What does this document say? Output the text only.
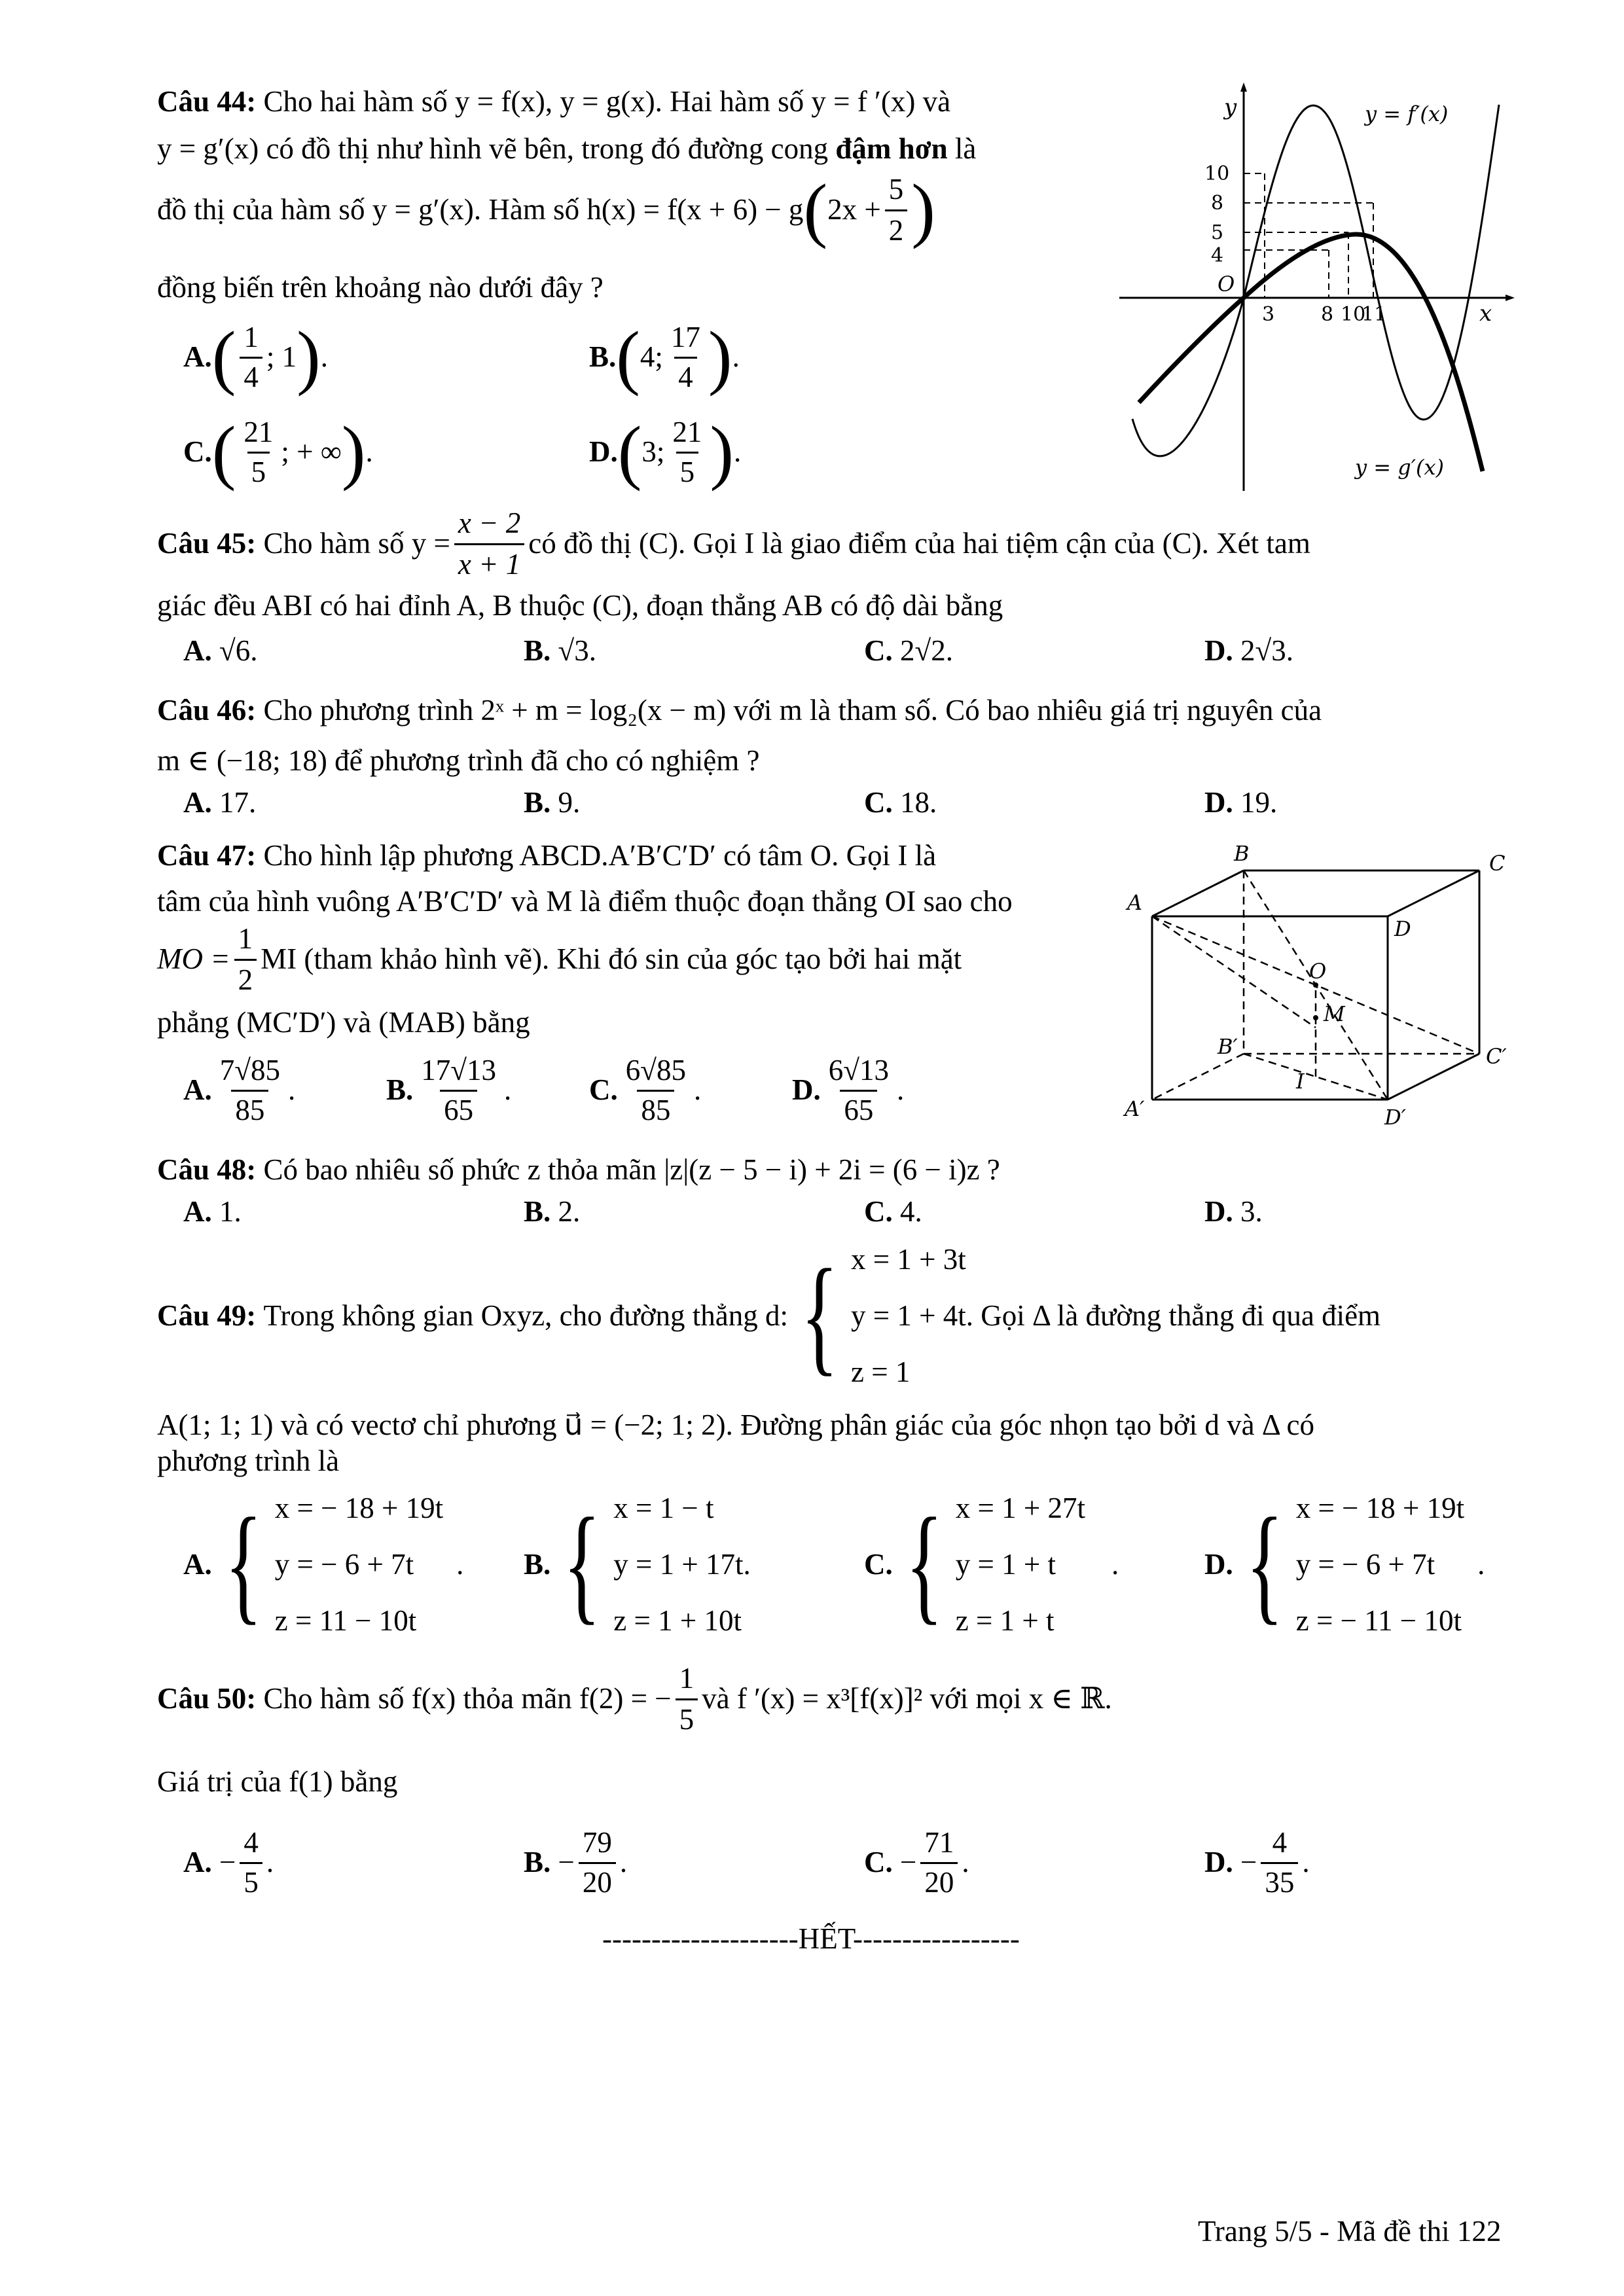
Câu 44: Cho hai hàm số y = f(x), y = g(x). Hai hàm số y = f ′(x) và
y = g′(x) có đồ thị như hình vẽ bên, trong đó đường cong đậm hơn là
đồ thị của hàm số y = g′(x). Hàm số h(x) = f(x + 6) − g ( $2x + \frac{5}{2}$ )
đồng biến trên khoảng nào dưới đây ?
A. ( $\frac{1}{4}$ ; 1 ) .	B. ( 4; $\frac{17}{4}$ ) .
C. ( $\frac{21}{5}$ ; + ∞ ) .	D. ( 3; $\frac{21}{5}$ ) .
y
x
O
10
8
5
4
3 8 10
11
y = f′(x)
y = g′(x)
Câu 45:
Cho hàm số $y = \frac{x - 2}{x + 1}$ có đồ thị (C). Gọi I là giao điểm của hai tiệm cận của (C). Xét tam
giác đều ABI có hai đỉnh A, B thuộc (C), đoạn thẳng AB có độ dài bằng
A. √6.	B. √3.	C. 2√2.	D. 2√3.
Câu 46: Cho phương trình 2ˣ + m = log₂(x − m) với m là tham số. Có bao nhiêu giá trị nguyên của
m ∈ (−18; 18) để phương trình đã cho có nghiệm ?
A. 17.	B. 9.	C. 18.	D. 19.
Câu 47: Cho hình lập phương ABCD.A′B′C′D′ có tâm O. Gọi I là
tâm của hình vuông A′B′C′D′ và M là điểm thuộc đoạn thẳng OI sao cho
MO = $\frac{1}{2}$ MI (tham khảo hình vẽ). Khi đó sin của góc tạo bởi hai mặt
phẳng (MC′D′) và (MAB) bằng
A. $\frac{7√85}{85}$ .	B. $\frac{17√13}{65}$ .	C. $\frac{6√85}{85}$ .	D. $\frac{6√13}{65}$ .
B	C
A
D
O
M
B′	C′
I
A′	D′
Câu 48: Có bao nhiêu số phức z thỏa mãn |z|(z − 5 − i) + 2i = (6 − i)z ?
A. 1.	B. 2.	C. 4.	D. 3.
Câu 49:
Trong không gian Oxyz, cho đường thẳng d: { x = 1 + 3t
y = 1 + 4t
z = 1
. Gọi Δ là đường thẳng đi qua điểm
A(1; 1; 1) và có vectơ chỉ phương u⃗ = (−2; 1; 2). Đường phân giác của góc nhọn tạo bởi d và Δ có
phương trình là
A. { x = − 18 + 19t
y = − 6 + 7t
z = 11 − 10t
. B. { x = 1 − t
y = 1 + 17t
z = 1 + 10t
.	C. { x = 1 + 27t
y = 1 + t
z = 1 + t
.	D. { x = − 18 + 19t
y = − 6 + 7t
z = − 11 − 10t
.
Câu 50:
Cho hàm số f(x) thỏa mãn f(2) = − $\frac{1}{5}$ và f ′(x) = x³[f(x)]² với mọi x ∈ ℝ.
Giá trị của f(1) bằng
A.
− $\frac{4}{5}$ .	B.
− $\frac{79}{20}$ .	C.
− $\frac{71}{20}$ .	D.
− $\frac{4}{35}$ .
--------------------HẾT-----------------
Trang 5/5 - Mã đề thi 122
